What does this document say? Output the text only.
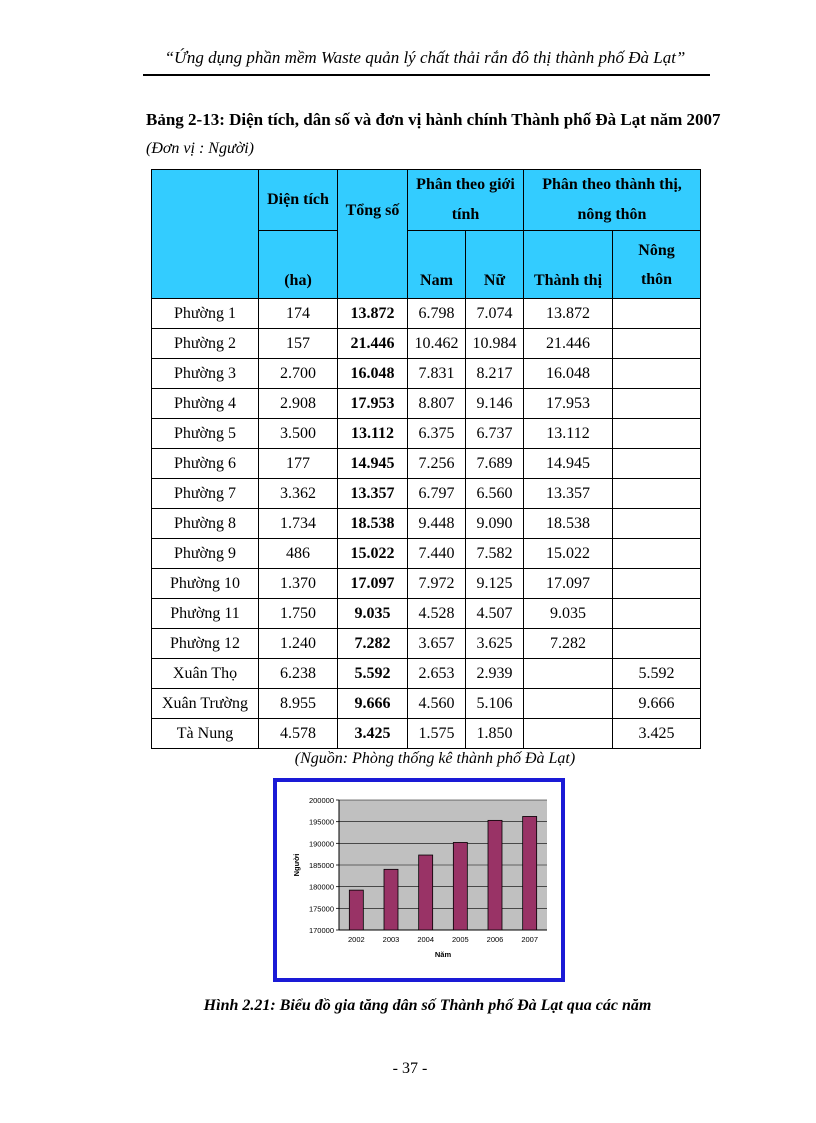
“Ứng dụng phần mềm Waste quản lý chất thải rắn đô thị thành phố Đà Lạt”
Bảng 2-13: Diện tích, dân số và đơn vị hành chính Thành phố Đà Lạt năm 2007
(Đơn vị : Người)
	Diện tích	Tổng số	Phân theo giới tính		Phân theo thành thị, nông thôn	
	(ha)		Nam	Nữ	Thành thị	Nông thôn
Phường 1	174	13.872	6.798	7.074	13.872	
Phường 2	157	21.446	10.462	10.984	21.446	
Phường 3	2.700	16.048	7.831	8.217	16.048	
Phường 4	2.908	17.953	8.807	9.146	17.953	
Phường 5	3.500	13.112	6.375	6.737	13.112	
Phường 6	177	14.945	7.256	7.689	14.945	
Phường 7	3.362	13.357	6.797	6.560	13.357	
Phường 8	1.734	18.538	9.448	9.090	18.538	
Phường 9	486	15.022	7.440	7.582	15.022	
Phường 10	1.370	17.097	7.972	9.125	17.097	
Phường 11	1.750	9.035	4.528	4.507	9.035	
Phường 12	1.240	7.282	3.657	3.625	7.282	
Xuân Thọ	6.238	5.592	2.653	2.939		5.592
Xuân Trường	8.955	9.666	4.560	5.106		9.666
Tà Nung	4.578	3.425	1.575	1.850		3.425
(Nguồn: Phòng thống kê thành phố Đà Lạt)
200000
195000
190000
185000
180000
175000
170000
2002 2003 2004 2005 2006 2007
Năm
Người
Hình 2.21: Biểu đồ gia tăng dân số Thành phố Đà Lạt qua các năm
- 37 -
